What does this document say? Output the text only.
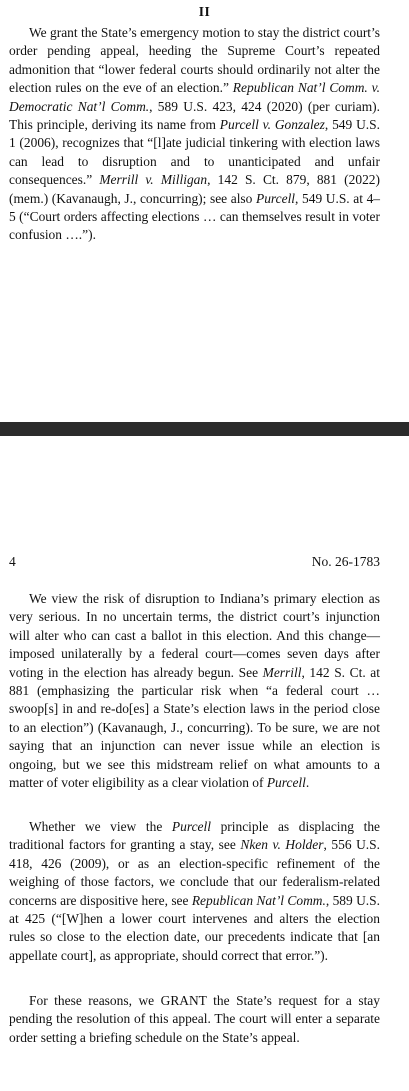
II

We grant the State’s emergency motion to stay the district court’s order pending appeal, heeding the Supreme Court’s repeated admonition that “lower federal courts should ordinarily not alter the election rules on the eve of an election.” Republican Nat’l Comm. v. Democratic Nat’l Comm., 589 U.S. 423, 424 (2020) (per curiam). This principle, deriving its name from Purcell v. Gonzalez, 549 U.S. 1 (2006), recognizes that “[l]ate judicial tinkering with election laws can lead to disruption and to unanticipated and unfair consequences.” Merrill v. Milligan, 142 S. Ct. 879, 881 (2022) (mem.) (Kavanaugh, J., concurring); see also Purcell, 549 U.S. at 4–5 (“Court orders affecting elections … can themselves result in voter confusion ….”).

4	No. 26-1783

We view the risk of disruption to Indiana’s primary election as very serious. In no uncertain terms, the district court’s injunction will alter who can cast a ballot in this election. And this change—imposed unilaterally by a federal court—comes seven days after voting in the election has already begun. See Merrill, 142 S. Ct. at 881 (emphasizing the particular risk when “a federal court … swoop[s] in and re-do[es] a State’s election laws in the period close to an election”) (Kavanaugh, J., concurring). To be sure, we are not saying that an injunction can never issue while an election is ongoing, but we see this midstream relief on what amounts to a matter of voter eligibility as a clear violation of Purcell.

Whether we view the Purcell principle as displacing the traditional factors for granting a stay, see Nken v. Holder, 556 U.S. 418, 426 (2009), or as an election-specific refinement of the weighing of those factors, we conclude that our federalism-related concerns are dispositive here, see Republican Nat’l Comm., 589 U.S. at 425 (“[W]hen a lower court intervenes and alters the election rules so close to the election date, our precedents indicate that [an appellate court], as appropriate, should correct that error.”).

For these reasons, we GRANT the State’s request for a stay pending the resolution of this appeal. The court will enter a separate order setting a briefing schedule on the State’s appeal.
